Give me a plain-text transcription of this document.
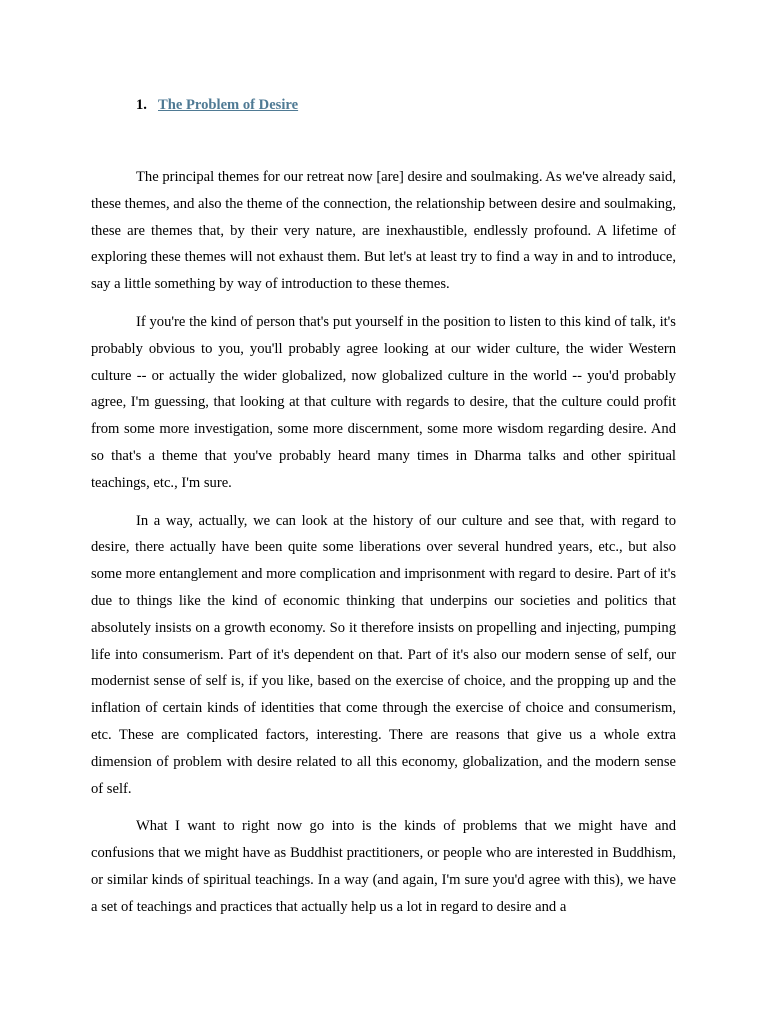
1. The Problem of Desire

The principal themes for our retreat now [are] desire and soulmaking. As we've already said, these themes, and also the theme of the connection, the relationship between desire and soulmaking, these are themes that, by their very nature, are inexhaustible, endlessly profound. A lifetime of exploring these themes will not exhaust them. But let's at least try to find a way in and to introduce, say a little something by way of introduction to these themes.

If you're the kind of person that's put yourself in the position to listen to this kind of talk, it's probably obvious to you, you'll probably agree looking at our wider culture, the wider Western culture -- or actually the wider globalized, now globalized culture in the world -- you'd probably agree, I'm guessing, that looking at that culture with regards to desire, that the culture could profit from some more investigation, some more discernment, some more wisdom regarding desire. And so that's a theme that you've probably heard many times in Dharma talks and other spiritual teachings, etc., I'm sure.

In a way, actually, we can look at the history of our culture and see that, with regard to desire, there actually have been quite some liberations over several hundred years, etc., but also some more entanglement and more complication and imprisonment with regard to desire. Part of it's due to things like the kind of economic thinking that underpins our societies and politics that absolutely insists on a growth economy. So it therefore insists on propelling and injecting, pumping life into consumerism. Part of it's dependent on that. Part of it's also our modern sense of self, our modernist sense of self is, if you like, based on the exercise of choice, and the propping up and the inflation of certain kinds of identities that come through the exercise of choice and consumerism, etc. These are complicated factors, interesting. There are reasons that give us a whole extra dimension of problem with desire related to all this economy, globalization, and the modern sense of self.

What I want to right now go into is the kinds of problems that we might have and confusions that we might have as Buddhist practitioners, or people who are interested in Buddhism, or similar kinds of spiritual teachings. In a way (and again, I'm sure you'd agree with this), we have a set of teachings and practices that actually help us a lot in regard to desire and a
